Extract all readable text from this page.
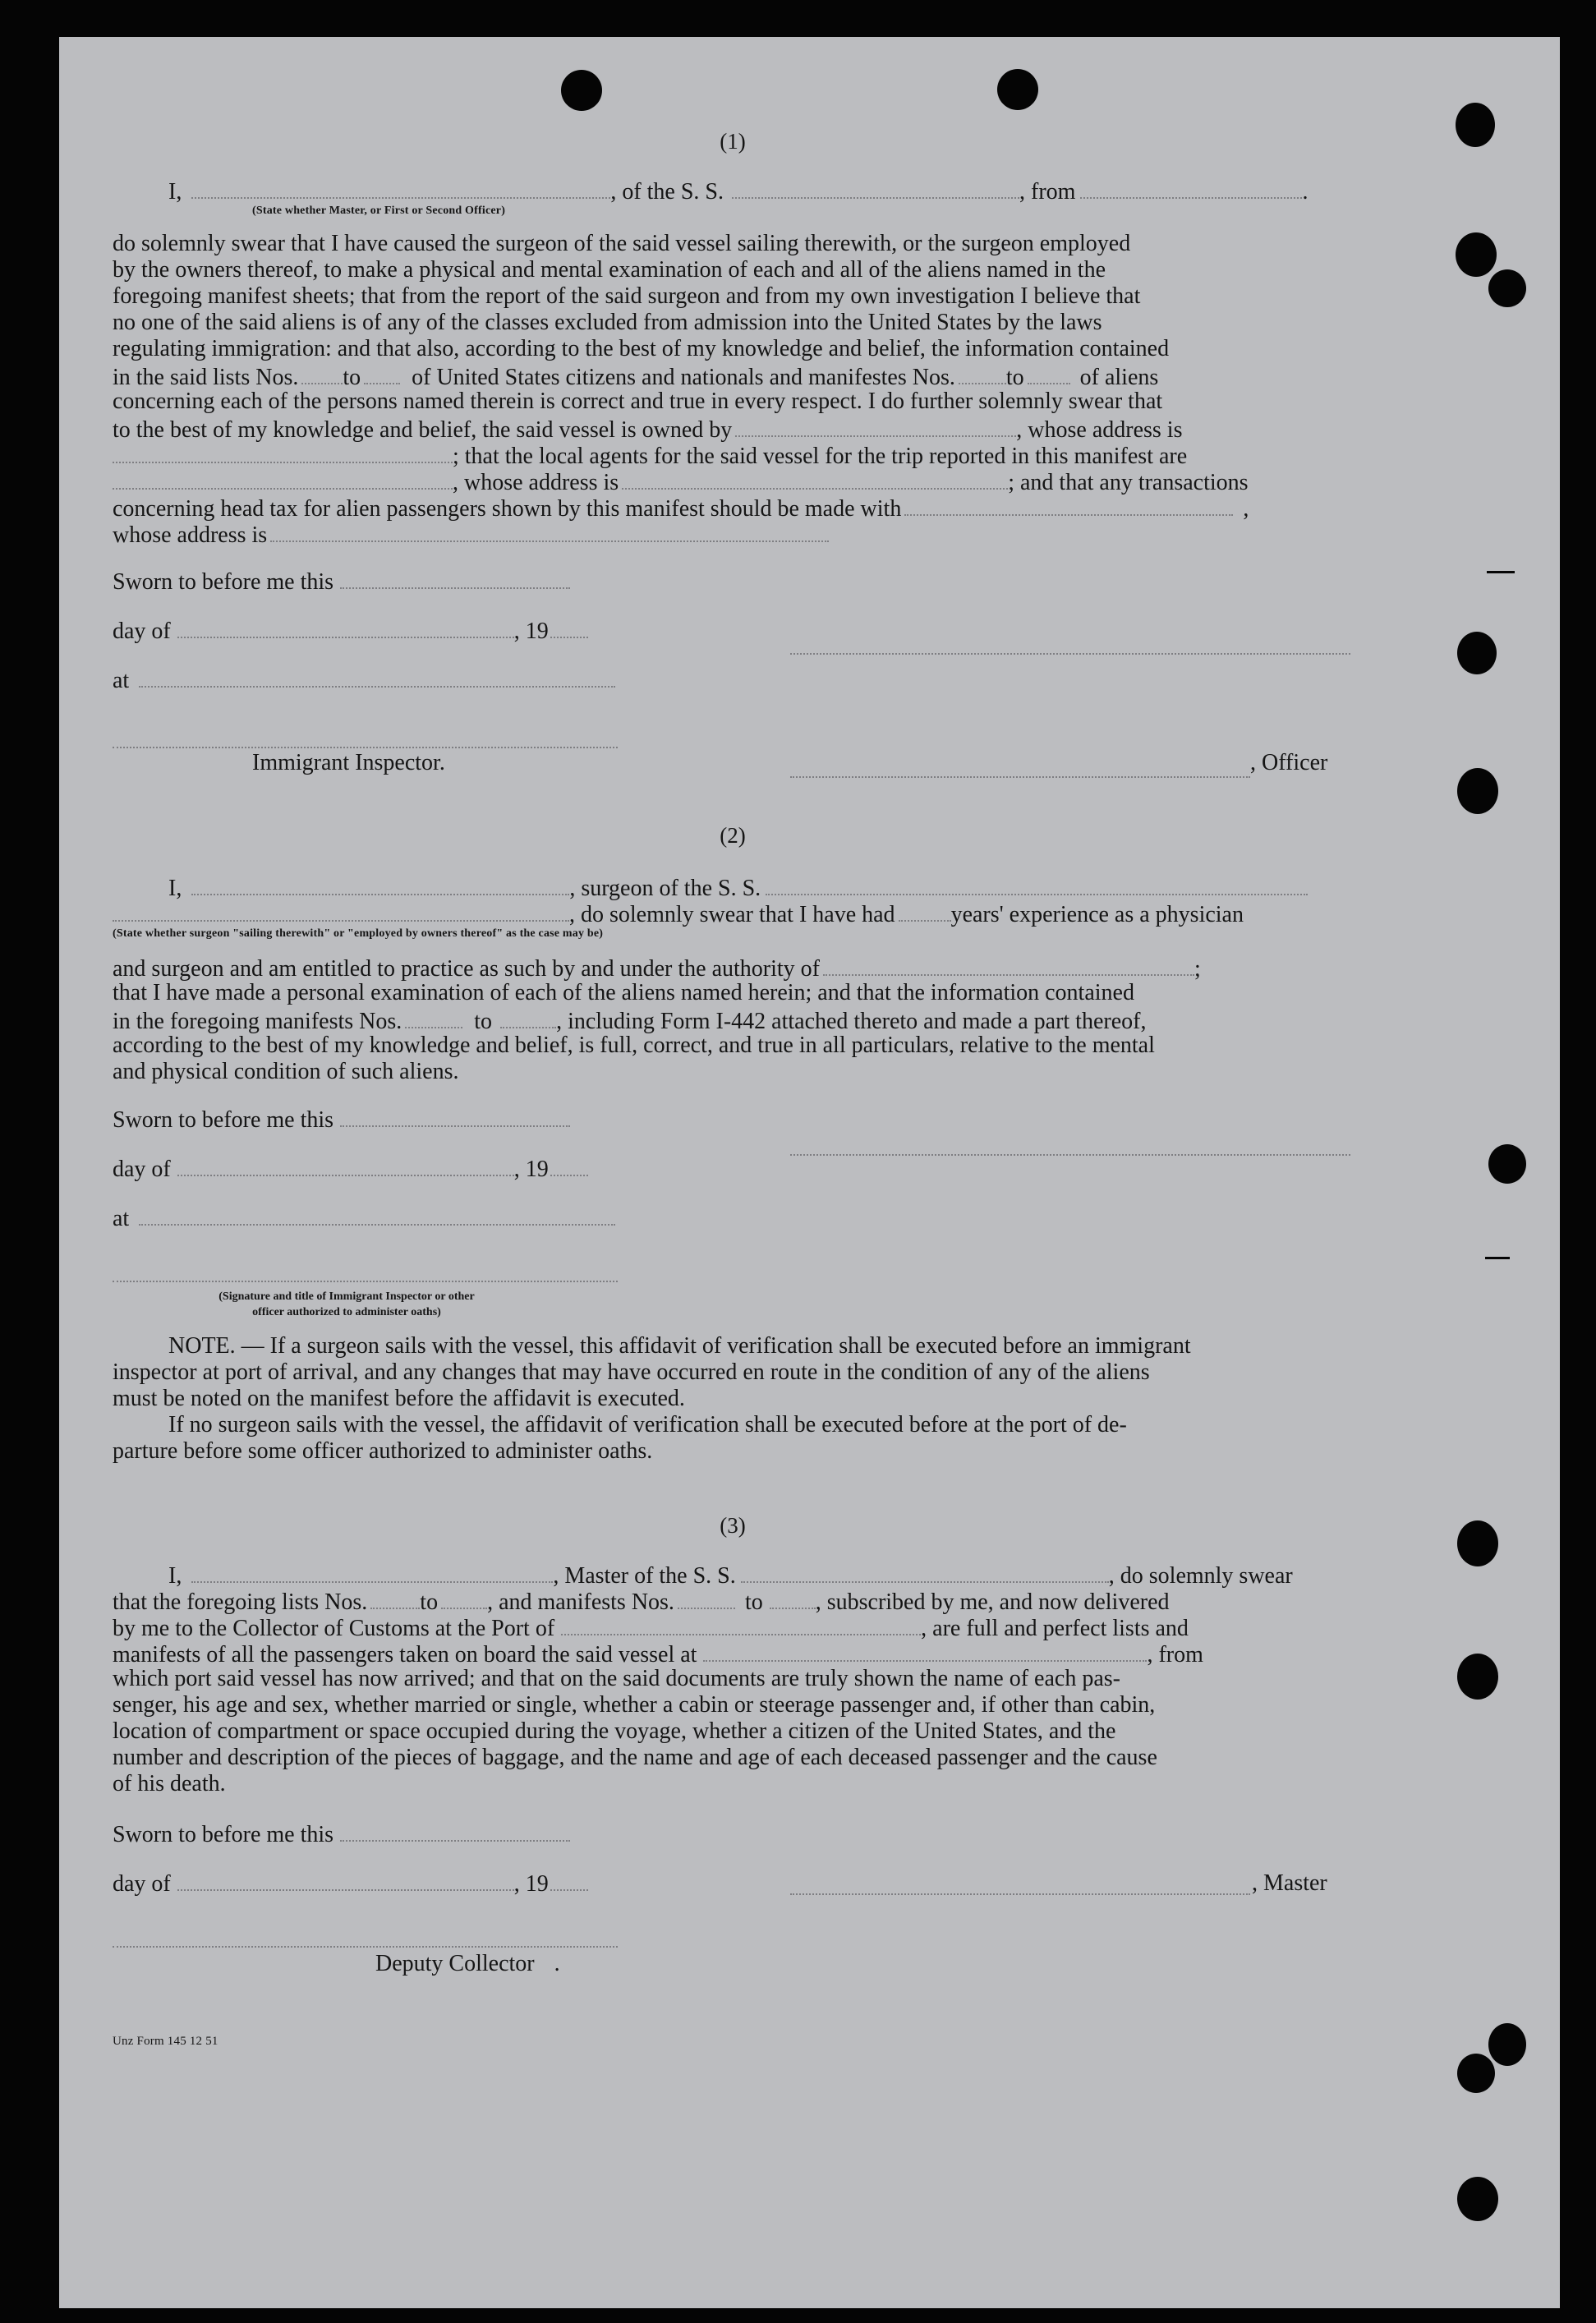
(1)
I,	, of the S. S.	, from	.
(State whether Master, or First or Second Officer)
do solemnly swear that I have caused the surgeon of the said vessel sailing therewith, or the surgeon employed
by the owners thereof, to make a physical and mental examination of each and all of the aliens named in the
foregoing manifest sheets; that from the report of the said surgeon and from my own investigation I believe that
no one of the said aliens is of any of the classes excluded from admission into the United States by the laws
regulating immigration: and that also, according to the best of my knowledge and belief, the information contained
in the said lists Nos. to of United States citizens and nationals and manifestes Nos. to of aliens
concerning each of the persons named therein is correct and true in every respect. I do further solemnly swear that
to the best of my knowledge and belief, the said vessel is owned by	, whose address is
; that the local agents for the said vessel for the trip reported in this manifest are
, whose address is	; and that any transactions
concerning head tax for alien passengers shown by this manifest should be made with	,
whose address is
Sworn to before me this
day of	, 19
at
Immigrant Inspector.	, Officer
(2)
I,	, surgeon of the S. S.
, do solemnly swear that I have had years' experience as a physician
(State whether surgeon "sailing therewith" or "employed by owners thereof" as the case may be)
and surgeon and am entitled to practice as such by and under the authority of	;
that I have made a personal examination of each of the aliens named herein; and that the information contained
in the foregoing manifests Nos.	to	, including Form I-442 attached thereto and made a part thereof,
according to the best of my knowledge and belief, is full, correct, and true in all particulars, relative to the mental
and physical condition of such aliens.
Sworn to before me this
day of	, 19
at
(Signature and title of Immigrant Inspector or other
officer authorized to administer oaths)
NOTE. — If a surgeon sails with the vessel, this affidavit of verification shall be executed before an immigrant
inspector at port of arrival, and any changes that may have occurred en route in the condition of any of the aliens
must be noted on the manifest before the affidavit is executed.
If no surgeon sails with the vessel, the affidavit of verification shall be executed before at the port of de-
parture before some officer authorized to administer oaths.
(3)
I,	, Master of the S. S.	, do solemnly swear
that the foregoing lists Nos. to , and manifests Nos.	to , subscribed by me, and now delivered
by me to the Collector of Customs at the Port of	, are full and perfect lists and
manifests of all the passengers taken on board the said vessel at	, from
which port said vessel has now arrived; and that on the said documents are truly shown the name of each pas-
senger, his age and sex, whether married or single, whether a cabin or steerage passenger and, if other than cabin,
location of compartment or space occupied during the voyage, whether a citizen of the United States, and the
number and description of the pieces of baggage, and the name and age of each deceased passenger and the cause
of his death.
Sworn to before me this
day of	, 19	, Master
Deputy Collector .
Unz Form 145 12 51
